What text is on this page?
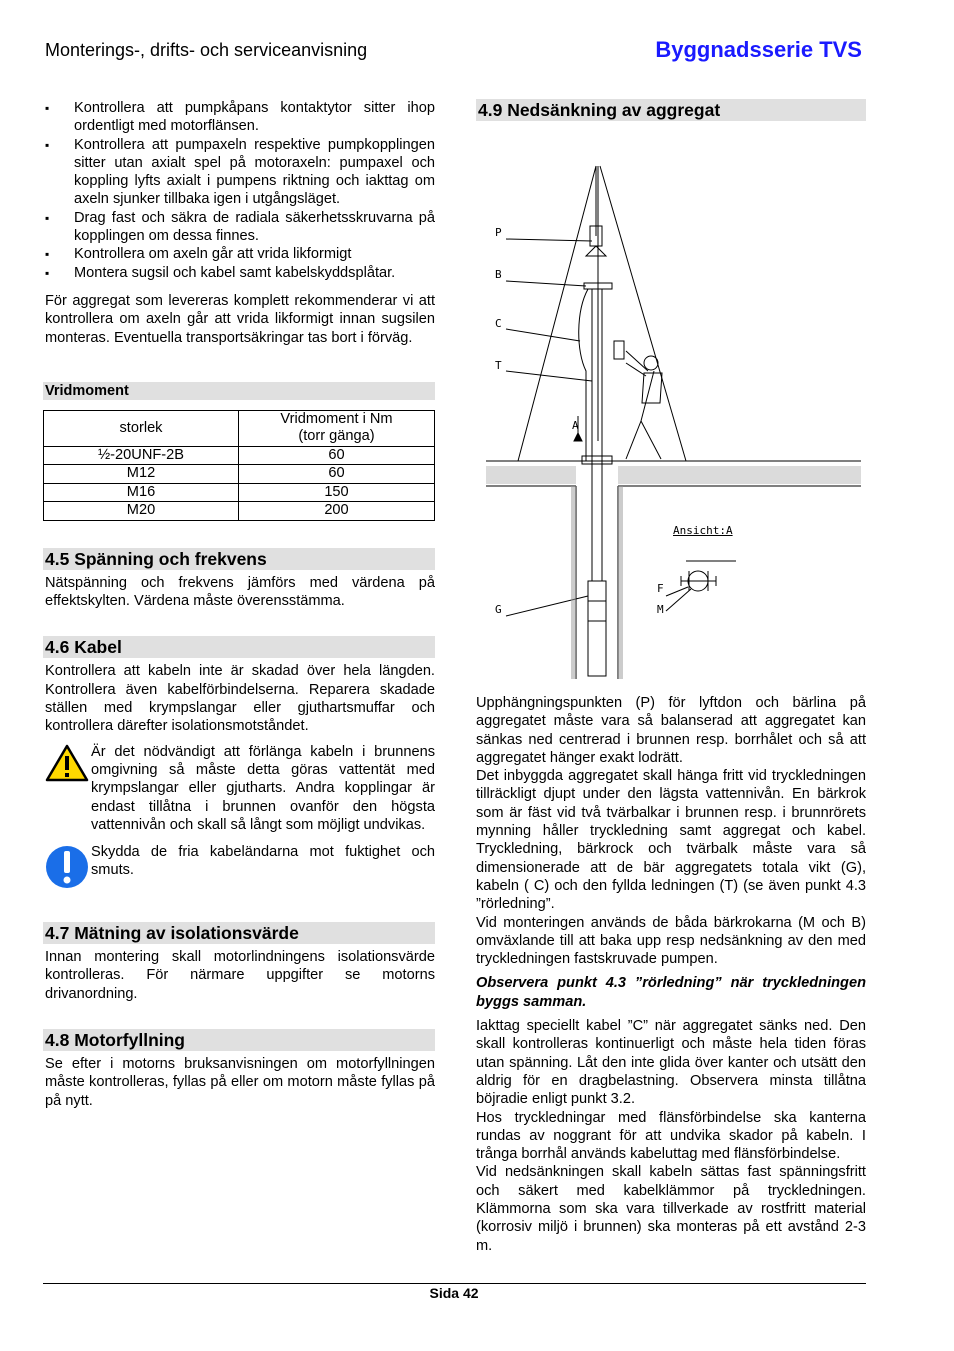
Monterings-, drifts- och serviceanvisning	Byggnadsserie TVS
▪ Kontrollera att pumpkåpans kontaktytor sitter ihop ordentligt med motorflänsen.
▪ Kontrollera att pumpaxeln respektive pumpkopplingen sitter utan axialt spel på motoraxeln: pumpaxel och koppling lyfts axialt i pumpens riktning och iakttag om axeln sjunker tillbaka igen i utgångsläget.
▪ Drag fast och säkra de radiala säkerhetsskruvarna på kopplingen om dessa finnes.
▪ Kontrollera om axeln går att vrida likformigt
▪ Montera sugsil och kabel samt kabelskyddsplåtar.

För aggregat som levereras komplett rekommenderar vi att kontrollera om axeln går att vrida likformigt innan sugsilen monteras. Eventuella transportsäkringar tas bort i förväg.

Vridmoment
storlek	Vridmoment i Nm
(torr gänga)
½-20UNF-2B	60
M12	60
M16	150
M20	200
4.5 Spänning och frekvens

Nätspänning och frekvens jämförs med värdena på effektskylten. Värdena måste överensstämma.

4.6 Kabel

Kontrollera att kabeln inte är skadad över hela längden. Kontrollera även kabelförbindelserna. Reparera skadade ställen med krympslangar eller gjuthartsmuffar och kontrollera därefter isolationsmotståndet.

Är det nödvändigt att förlänga kabeln i brunnens omgivning så måste detta göras vattentät med krympslangar eller gjutharts. Andra kopplingar är endast tillåtna i brunnen ovanför den högsta vattennivån och skall så långt som möjligt undvikas.

Skydda de fria kabeländarna mot fuktighet och smuts.

4.7 Mätning av isolationsvärde

Innan montering skall motorlindningens isolationsvärde kontrolleras. För närmare uppgifter se motorns drivanordning.

4.8 Motorfyllning

Se efter i motorns bruksanvisningen om motorfyllningen måste kontrolleras, fyllas på eller om motorn måste fyllas på på nytt.

4.9 Nedsänkning av aggregat
P
B
C
T
A
G
F
M
Ansicht:A

Upphängningspunkten (P) för lyftdon och bärlina på aggregatet måste vara så balanserad att aggregatet kan sänkas ned centrerad i brunnen resp. borrhålet och så att aggregatet hänger exakt lodrätt.

Det inbyggda aggregatet skall hänga fritt vid tryckledningen tillräckligt djupt under den lägsta vattennivån. En bärkrok som är fäst vid två tvärbalkar i brunnen resp. i brunnrörets mynning håller tryckledning samt aggregat och kabel. Tryckledning, bärkrock och tvärbalk måste vara så dimensionerade att de bär aggregatets totala vikt (G), kabeln ( C) och den fyllda ledningen (T) (se även punkt 4.3 ”rörledning”.

Vid monteringen används de båda bärkrokarna (M och B) omväxlande till att baka upp resp nedsänkning av den med tryckledningen fastskruvade pumpen.

Observera punkt 4.3 ”rörledning” när tryckledningen byggs samman.

Iakttag speciellt kabel ”C” när aggregatet sänks ned. Den skall kontrolleras kontinuerligt och måste hela tiden föras utan spänning. Låt den inte glida över kanter och utsätt den aldrig för en dragbelastning. Observera minsta tillåtna böjradie enligt punkt 3.2.

Hos tryckledningar med flänsförbindelse ska kanterna rundas av noggrant för att undvika skador på kabeln. I trånga borrhål används kabeluttag med flänsförbindelse.

Vid nedsänkningen skall kabeln sättas fast spänningsfritt och säkert med kabelklämmor på tryckledningen. Klämmorna som ska vara tillverkade av rostfritt material (korrosiv miljö i brunnen) ska monteras på ett avstånd 2-3 m.

Sida 42
